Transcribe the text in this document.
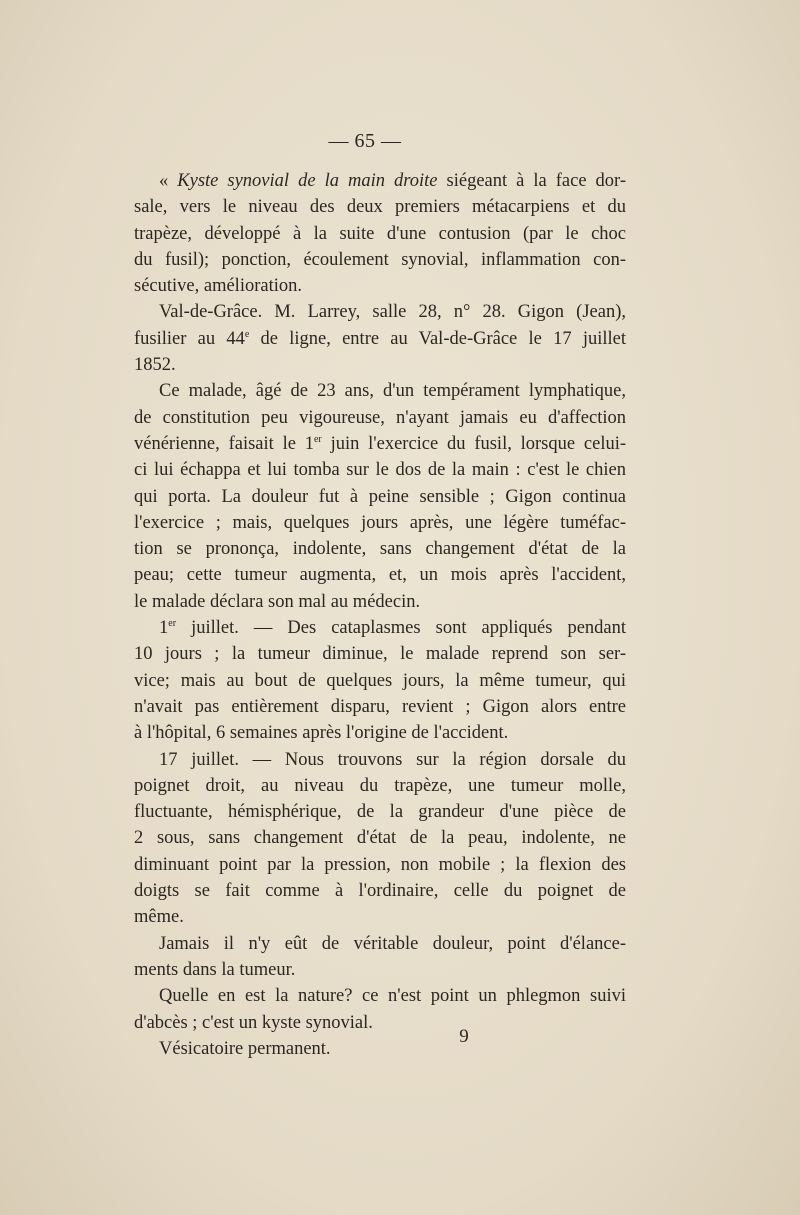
— 65 —
« Kyste synovial de la main droite siégeant à la face dor-
sale, vers le niveau des deux premiers métacarpiens et du
trapèze, développé à la suite d'une contusion (par le choc
du fusil); ponction, écoulement synovial, inflammation con-
sécutive, amélioration.
Val-de-Grâce. M. Larrey, salle 28, n° 28. Gigon (Jean),
fusilier au 44e de ligne, entre au Val-de-Grâce le 17 juillet
1852.
Ce malade, âgé de 23 ans, d'un tempérament lymphatique,
de constitution peu vigoureuse, n'ayant jamais eu d'affection
vénérienne, faisait le 1er juin l'exercice du fusil, lorsque celui-
ci lui échappa et lui tomba sur le dos de la main : c'est le chien
qui porta. La douleur fut à peine sensible ; Gigon continua
l'exercice ; mais, quelques jours après, une légère tuméfac-
tion se prononça, indolente, sans changement d'état de la
peau; cette tumeur augmenta, et, un mois après l'accident,
le malade déclara son mal au médecin.
1er juillet. — Des cataplasmes sont appliqués pendant
10 jours ; la tumeur diminue, le malade reprend son ser-
vice; mais au bout de quelques jours, la même tumeur, qui
n'avait pas entièrement disparu, revient ; Gigon alors entre
à l'hôpital, 6 semaines après l'origine de l'accident.
17 juillet. — Nous trouvons sur la région dorsale du
poignet droit, au niveau du trapèze, une tumeur molle,
fluctuante, hémisphérique, de la grandeur d'une pièce de
2 sous, sans changement d'état de la peau, indolente, ne
diminuant point par la pression, non mobile ; la flexion des
doigts se fait comme à l'ordinaire, celle du poignet de
même.
Jamais il n'y eût de véritable douleur, point d'élance-
ments dans la tumeur.
Quelle en est la nature? ce n'est point un phlegmon suivi
d'abcès ; c'est un kyste synovial.
Vésicatoire permanent.
9
